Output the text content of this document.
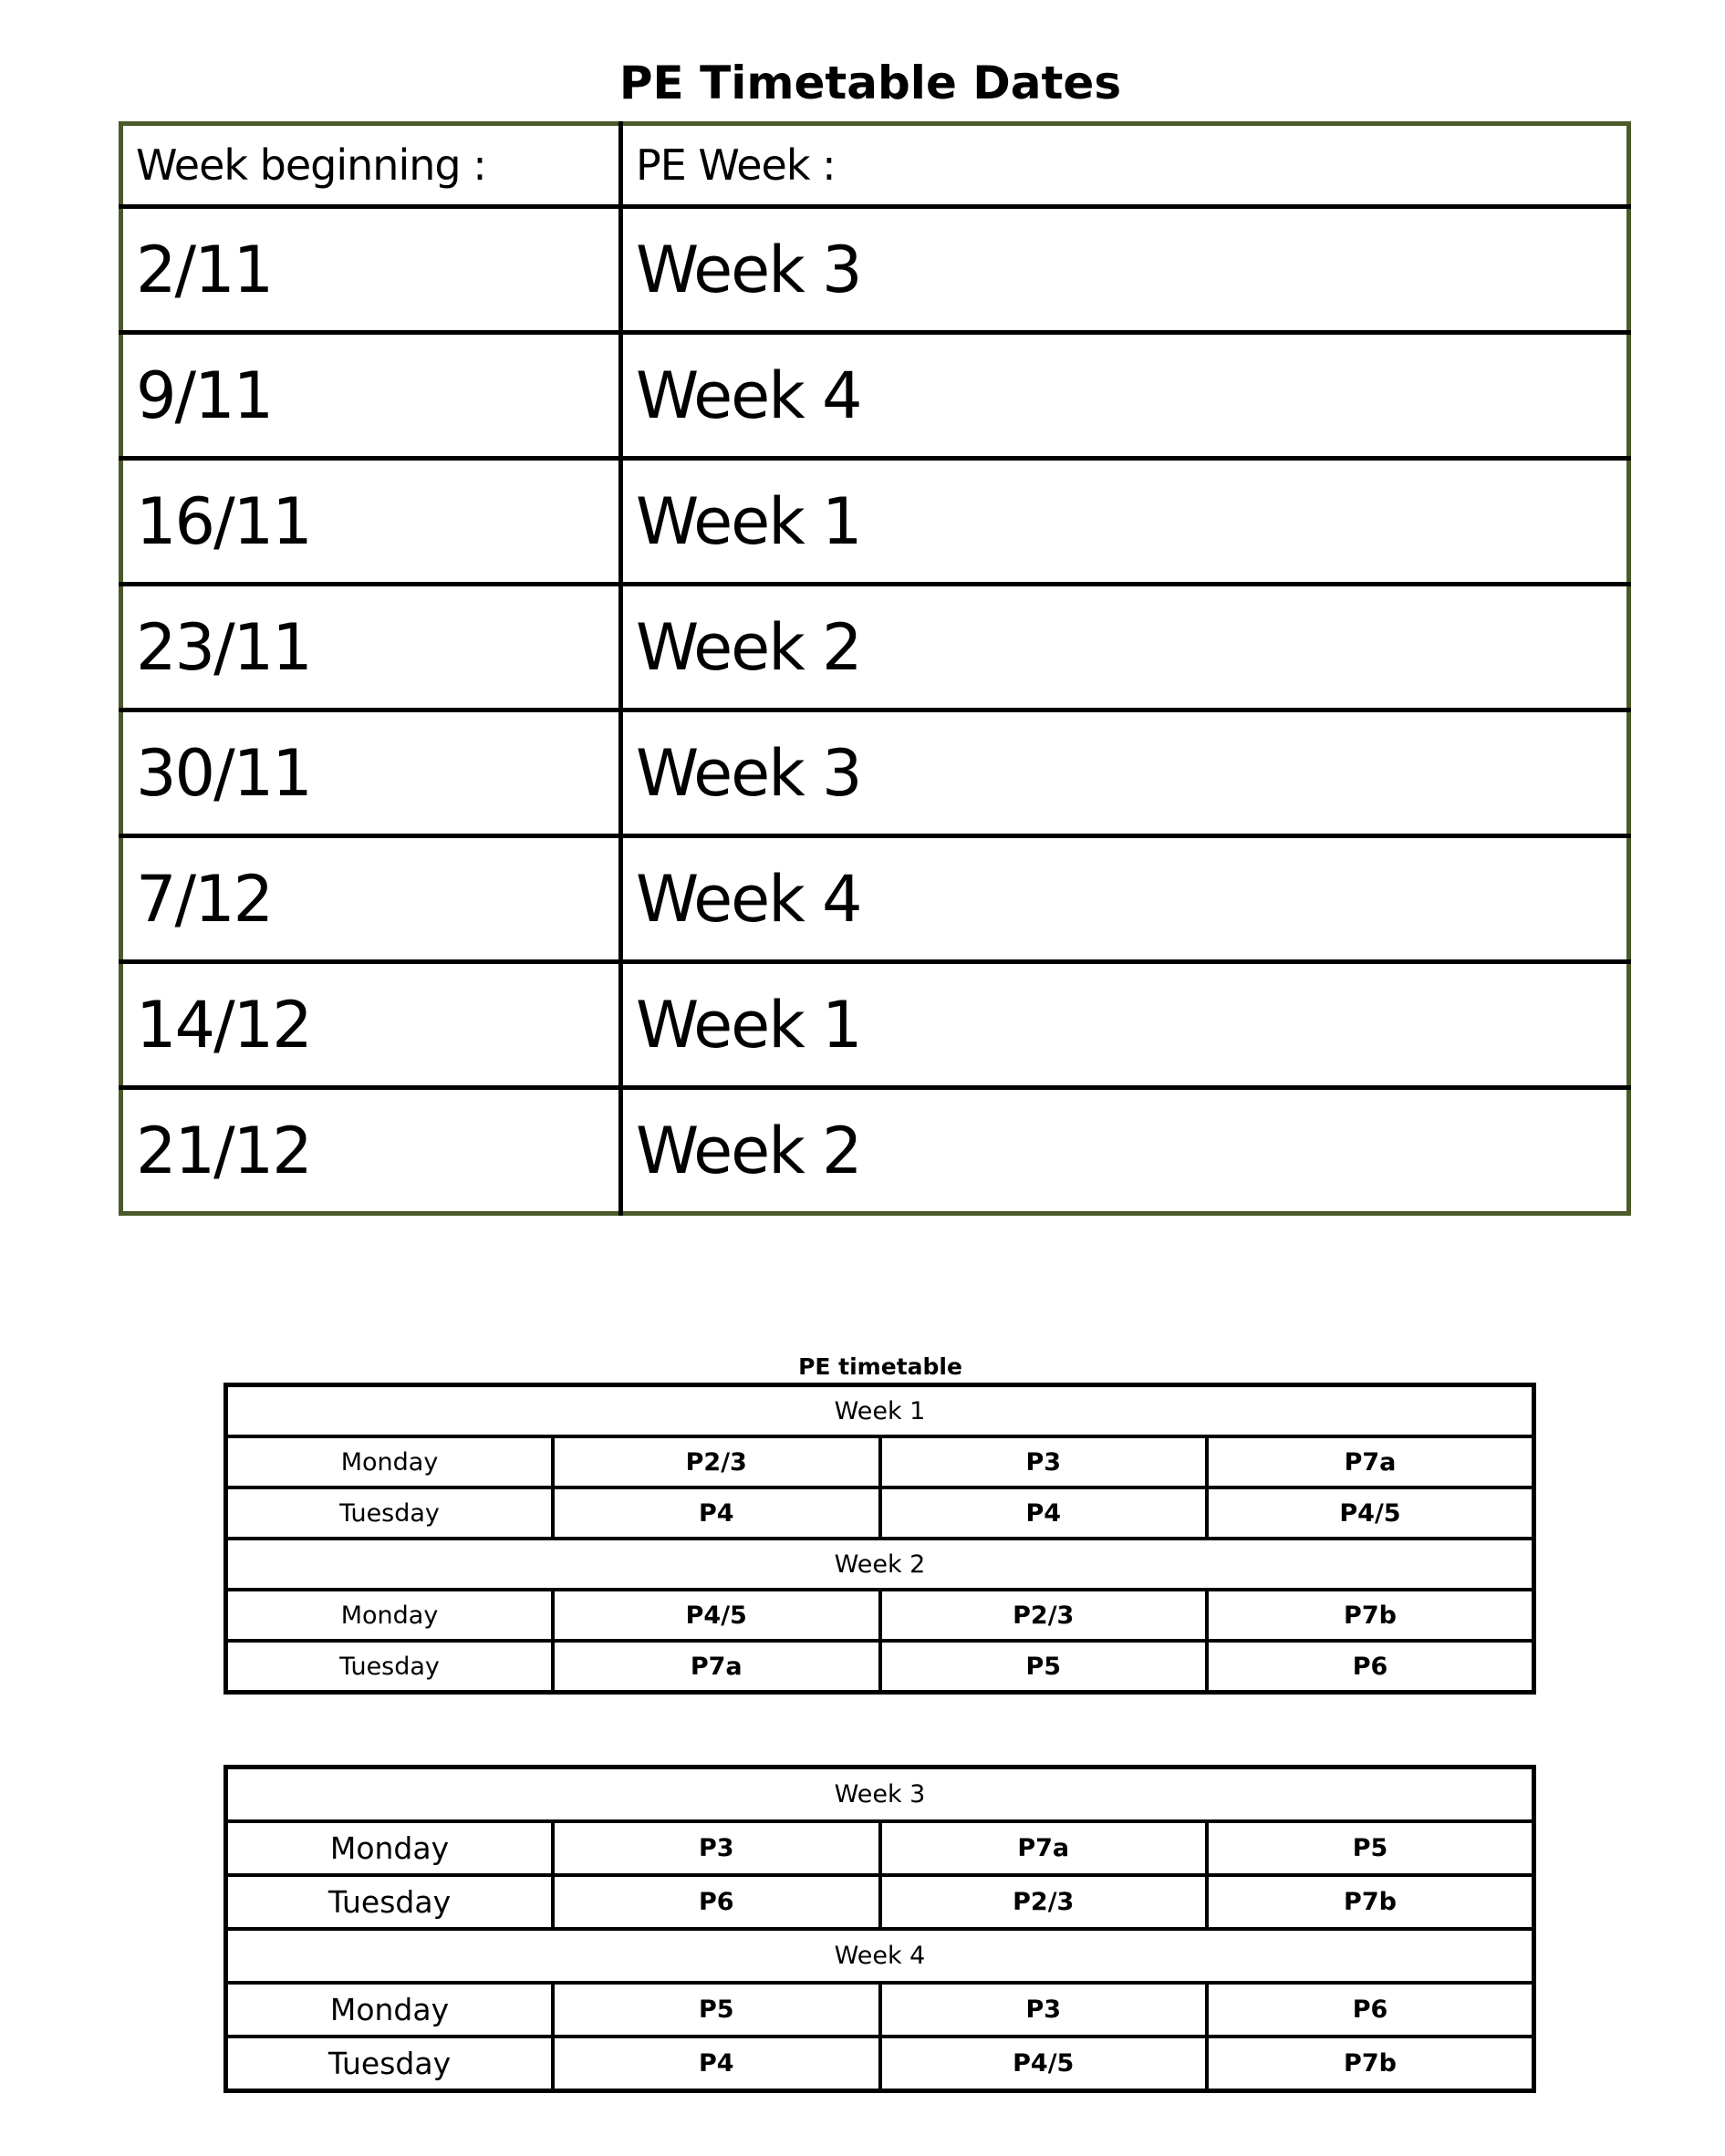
PE Timetable Dates
Week beginning :	PE Week :
2/11	Week 3
9/11	Week 4
16/11	Week 1
23/11	Week 2
30/11	Week 3
7/12	Week 4
14/12	Week 1
21/12	Week 2
PE timetable
Week 1			
Monday	P2/3	P3	P7a
Tuesday	P4	P4	P4/5
Week 2			
Monday	P4/5	P2/3	P7b
Tuesday	P7a	P5	P6
Week 3			
Monday	P3	P7a	P5
Tuesday	P6	P2/3	P7b
Week 4			
Monday	P5	P3	P6
Tuesday	P4	P4/5	P7b
